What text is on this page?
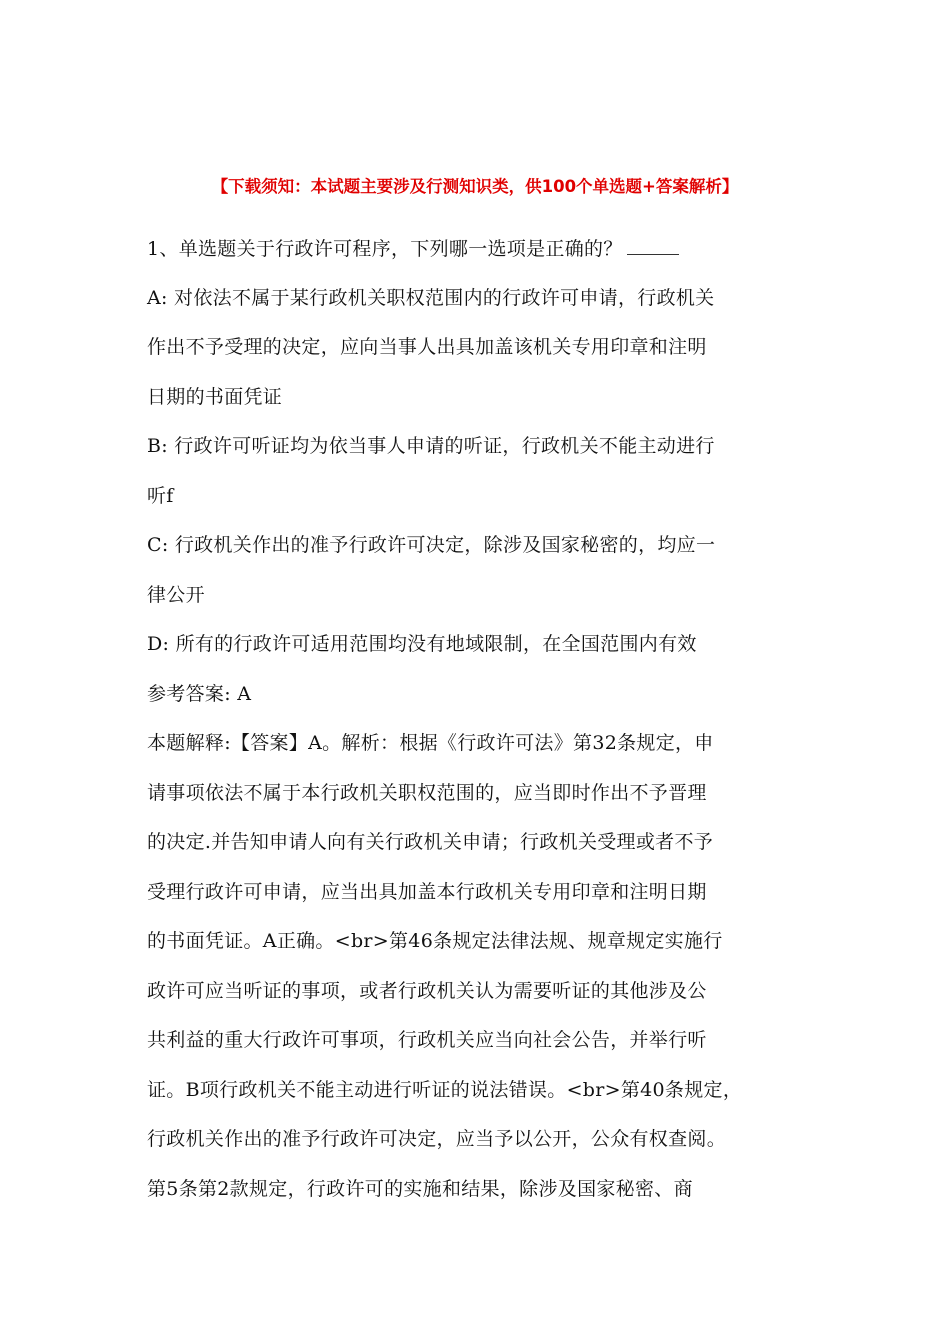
【下载须知：本试题主要涉及行测知识类，供100个单选题+答案解析】
1、单选题关于行政许可程序，下列哪一选项是正确的？
A: 对依法不属于某行政机关职权范围内的行政许可申请，行政机关
作出不予受理的决定，应向当事人出具加盖该机关专用印章和注明
日期的书面凭证
B: 行政许可听证均为依当事人申请的听证，行政机关不能主动进行
听f
C: 行政机关作出的准予行政许可决定，除涉及国家秘密的，均应一
律公开
D: 所有的行政许可适用范围均没有地域限制，在全国范围内有效
参考答案: A
本题解释:【答案】A。解析：根据《行政许可法》第32条规定，申
请事项依法不属于本行政机关职权范围的，应当即时作出不予晋理
的决定.并告知申请人向有关行政机关申请；行政机关受理或者不予
受理行政许可申请，应当出具加盖本行政机关专用印章和注明日期
的书面凭证。A正确。<br>第46条规定法律法规、规章规定实施行
政许可应当听证的事项，或者行政机关认为需要听证的其他涉及公
共利益的重大行政许可事项，行政机关应当向社会公告，并举行听
证。B项行政机关不能主动进行听证的说法错误。<br>第40条规定，
行政机关作出的准予行政许可决定，应当予以公开，公众有权查阅。
第5条第2款规定，行政许可的实施和结果，除涉及国家秘密、商
